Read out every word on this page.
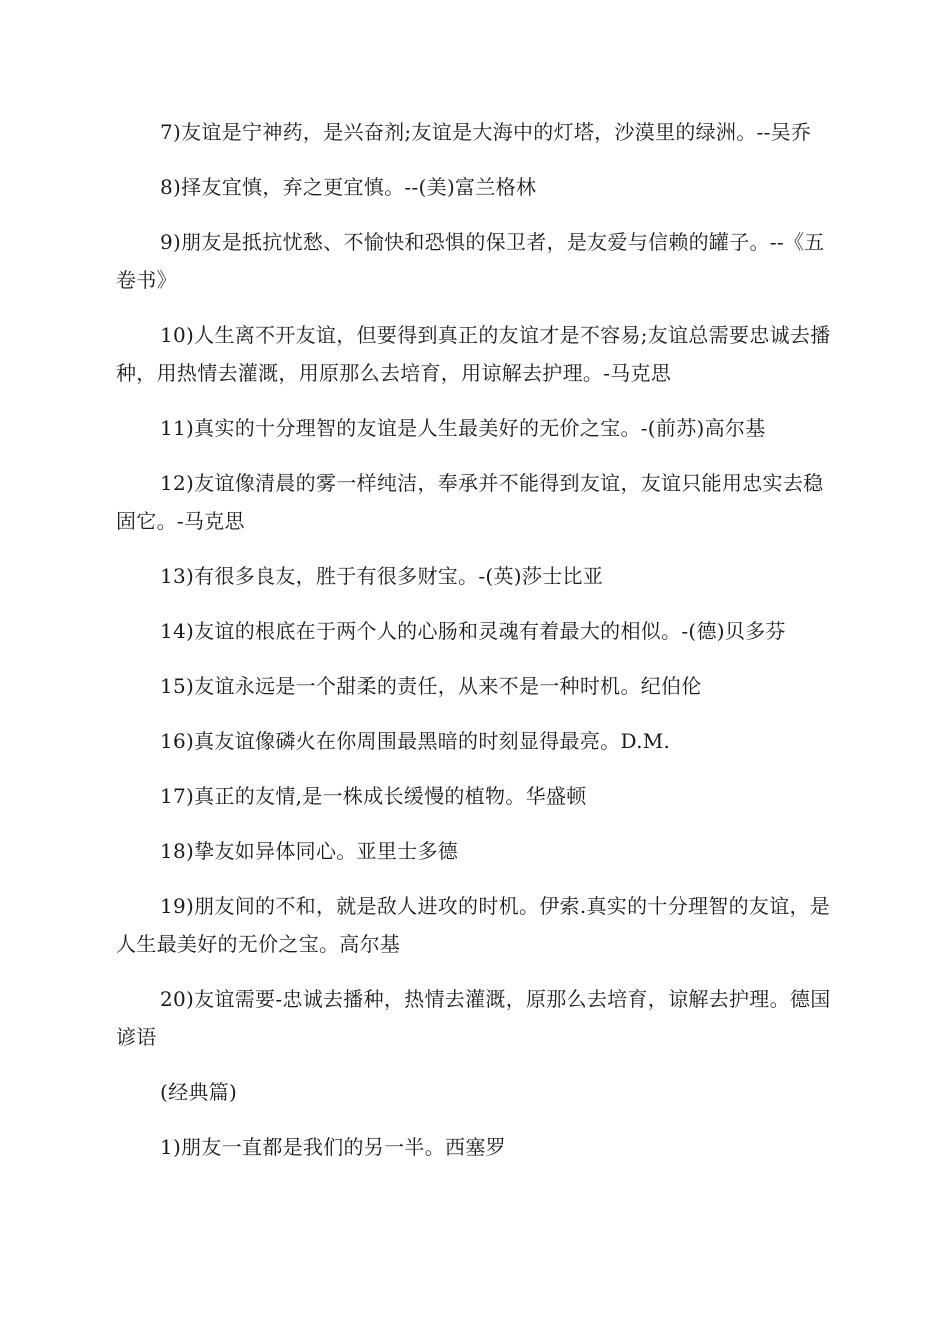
7)友谊是宁神药，是兴奋剂;友谊是大海中的灯塔，沙漠里的绿洲。--吴乔

8)择友宜慎，弃之更宜慎。--(美)富兰格林

9)朋友是抵抗忧愁、不愉快和恐惧的保卫者，是友爱与信赖的罐子。--《五卷书》

10)人生离不开友谊，但要得到真正的友谊才是不容易;友谊总需要忠诚去播种，用热情去灌溉，用原那么去培育，用谅解去护理。-马克思

11)真实的十分理智的友谊是人生最美好的无价之宝。-(前苏)高尔基

12)友谊像清晨的雾一样纯洁，奉承并不能得到友谊，友谊只能用忠实去稳固它。-马克思

13)有很多良友，胜于有很多财宝。-(英)莎士比亚

14)友谊的根底在于两个人的心肠和灵魂有着最大的相似。-(德)贝多芬

15)友谊永远是一个甜柔的责任，从来不是一种时机。纪伯伦

16)真友谊像磷火在你周围最黑暗的时刻显得最亮。D.M.

17)真正的友情,是一株成长缓慢的植物。华盛顿

18)挚友如异体同心。亚里士多德

19)朋友间的不和，就是敌人进攻的时机。伊索.真实的十分理智的友谊，是人生最美好的无价之宝。高尔基

20)友谊需要-忠诚去播种，热情去灌溉，原那么去培育，谅解去护理。德国谚语

(经典篇)

1)朋友一直都是我们的另一半。西塞罗
